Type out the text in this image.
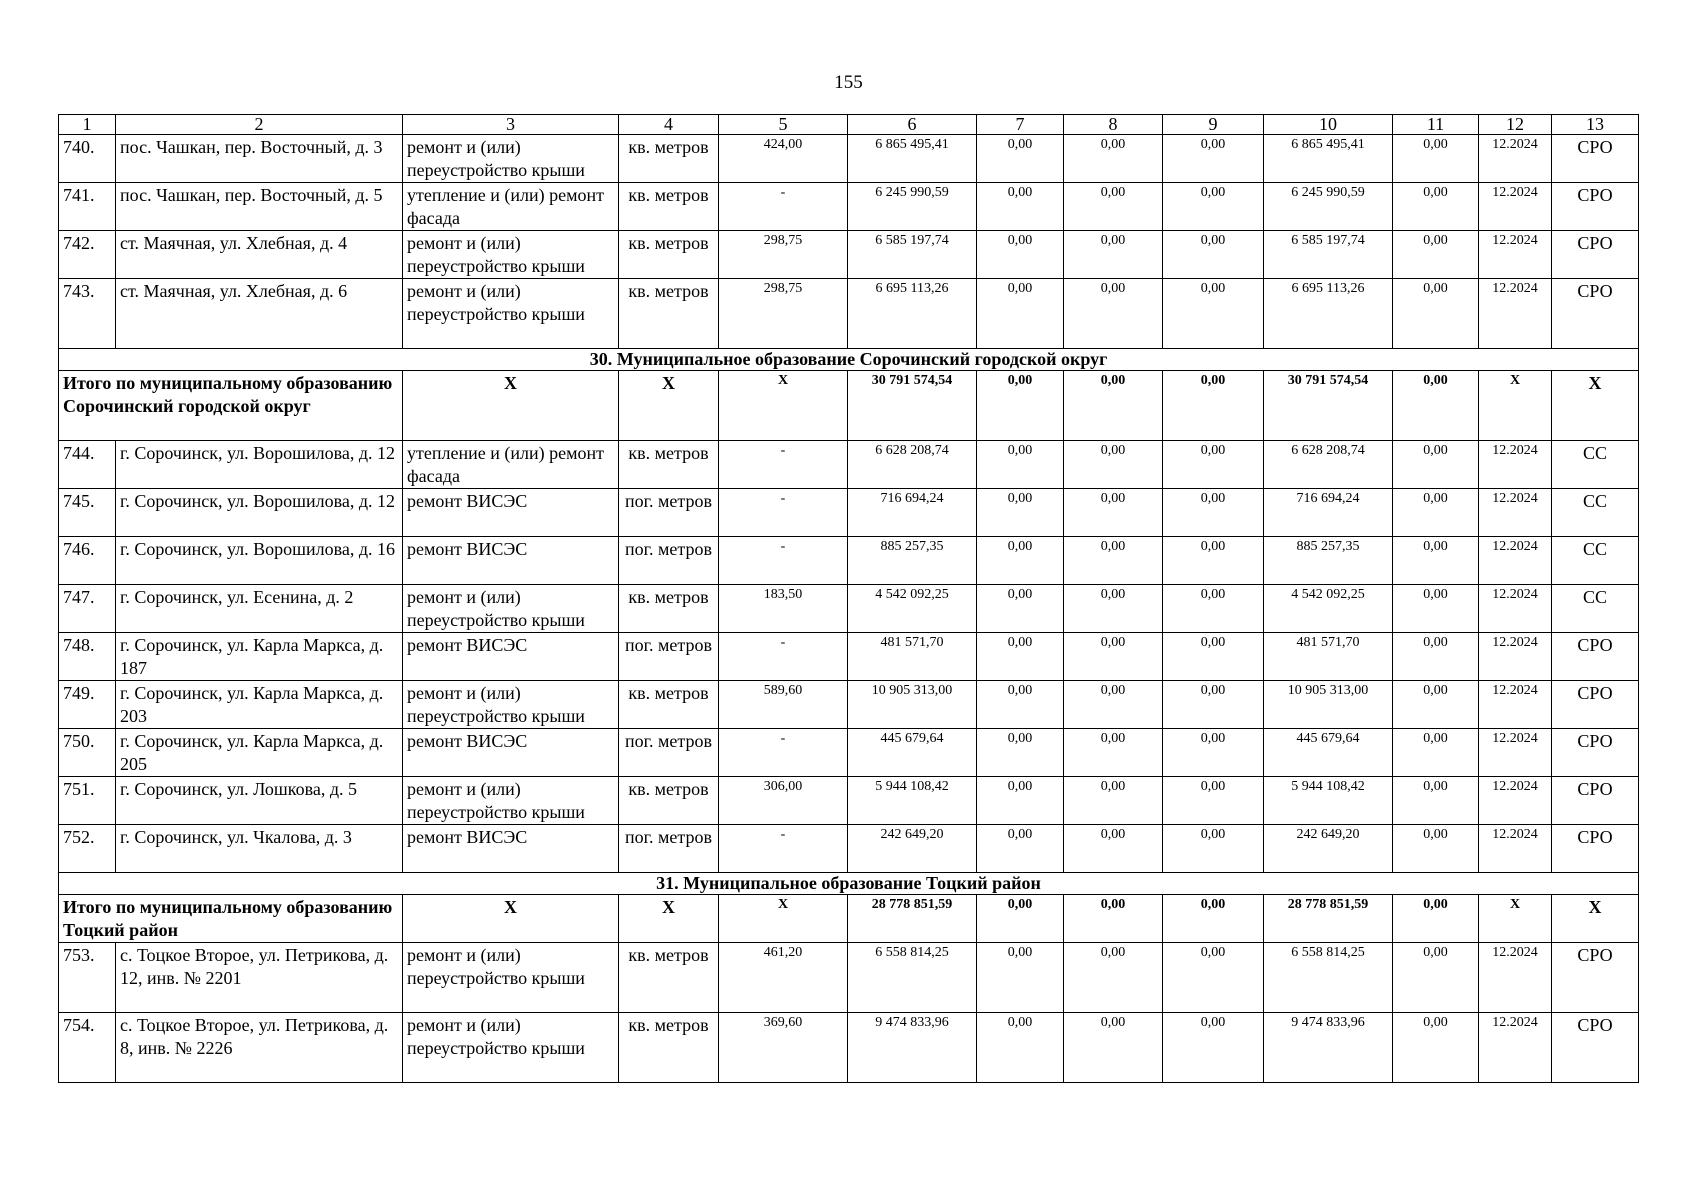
155
1	2	3	4	5	6	7	8	9	10	11	12	13
740.	пос. Чашкан, пер. Восточный, д. 3	ремонт и (или) переустройство крыши	кв. метров	424,00	6 865 495,41	0,00	0,00	0,00	6 865 495,41	0,00	12.2024	СРО
741.	пос. Чашкан, пер. Восточный, д. 5	утепление и (или) ремонт фасада	кв. метров	-	6 245 990,59	0,00	0,00	0,00	6 245 990,59	0,00	12.2024	СРО
742.	ст. Маячная, ул. Хлебная, д. 4	ремонт и (или) переустройство крыши	кв. метров	298,75	6 585 197,74	0,00	0,00	0,00	6 585 197,74	0,00	12.2024	СРО
743.	ст. Маячная, ул. Хлебная, д. 6	ремонт и (или) переустройство крыши	кв. метров	298,75	6 695 113,26	0,00	0,00	0,00	6 695 113,26	0,00	12.2024	СРО
30. Муниципальное образование Сорочинский городской округ												
Итого по муниципальному образованию Сорочинский городской округ		Х	Х	Х	30 791 574,54	0,00	0,00	0,00	30 791 574,54	0,00	Х	Х
744.	г. Сорочинск, ул. Ворошилова, д. 12	утепление и (или) ремонт фасада	кв. метров	-	6 628 208,74	0,00	0,00	0,00	6 628 208,74	0,00	12.2024	СС
745.	г. Сорочинск, ул. Ворошилова, д. 12	ремонт ВИСЭС	пог. метров	-	716 694,24	0,00	0,00	0,00	716 694,24	0,00	12.2024	СС
746.	г. Сорочинск, ул. Ворошилова, д. 16	ремонт ВИСЭС	пог. метров	-	885 257,35	0,00	0,00	0,00	885 257,35	0,00	12.2024	СС
747.	г. Сорочинск, ул. Есенина, д. 2	ремонт и (или) переустройство крыши	кв. метров	183,50	4 542 092,25	0,00	0,00	0,00	4 542 092,25	0,00	12.2024	СС
748.	г. Сорочинск, ул. Карла Маркса, д. 187	ремонт ВИСЭС	пог. метров	-	481 571,70	0,00	0,00	0,00	481 571,70	0,00	12.2024	СРО
749.	г. Сорочинск, ул. Карла Маркса, д. 203	ремонт и (или) переустройство крыши	кв. метров	589,60	10 905 313,00	0,00	0,00	0,00	10 905 313,00	0,00	12.2024	СРО
750.	г. Сорочинск, ул. Карла Маркса, д. 205	ремонт ВИСЭС	пог. метров	-	445 679,64	0,00	0,00	0,00	445 679,64	0,00	12.2024	СРО
751.	г. Сорочинск, ул. Лошкова, д. 5	ремонт и (или) переустройство крыши	кв. метров	306,00	5 944 108,42	0,00	0,00	0,00	5 944 108,42	0,00	12.2024	СРО
752.	г. Сорочинск, ул. Чкалова, д. 3	ремонт ВИСЭС	пог. метров	-	242 649,20	0,00	0,00	0,00	242 649,20	0,00	12.2024	СРО
31. Муниципальное образование Тоцкий район												
Итого по муниципальному образованию Тоцкий район		Х	Х	Х	28 778 851,59	0,00	0,00	0,00	28 778 851,59	0,00	Х	Х
753.	с. Тоцкое Второе, ул. Петрикова, д. 12, инв. № 2201	ремонт и (или) переустройство крыши	кв. метров	461,20	6 558 814,25	0,00	0,00	0,00	6 558 814,25	0,00	12.2024	СРО
754.	с. Тоцкое Второе, ул. Петрикова, д. 8, инв. № 2226	ремонт и (или) переустройство крыши	кв. метров	369,60	9 474 833,96	0,00	0,00	0,00	9 474 833,96	0,00	12.2024	СРО
